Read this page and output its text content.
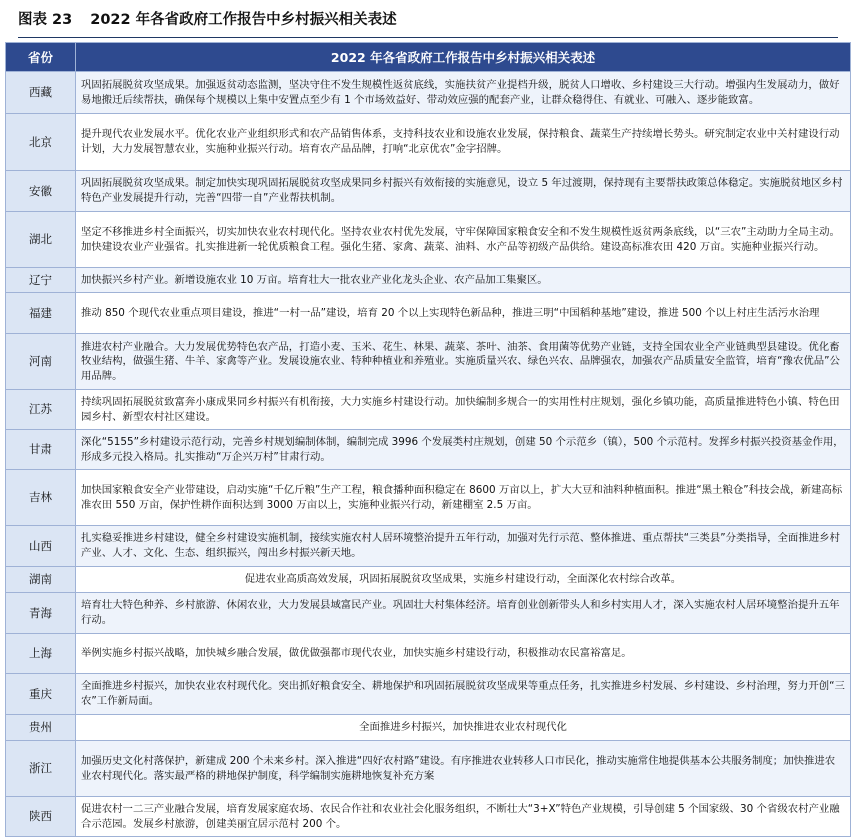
图表 23 2022 年各省政府工作报告中乡村振兴相关表述
省份	2022 年各省政府工作报告中乡村振兴相关表述
西藏	巩固拓展脱贫攻坚成果。加强返贫动态监测，坚决守住不发生规模性返贫底线，实施扶贫产业提档升级，脱贫人口增收、乡村建设三大行动。增强内生发展动力，做好易地搬迁后续帮扶，确保每个规模以上集中安置点至少有 1 个市场效益好、带动效应强的配套产业，让群众稳得住、有就业、可融入、逐步能致富。
北京	提升现代农业发展水平。优化农业产业组织形式和农产品销售体系，支持科技农业和设施农业发展，保持粮食、蔬菜生产持续增长势头。研究制定农业中关村建设行动计划，大力发展智慧农业，实施种业振兴行动。培育农产品品牌，打响“北京优农”金字招牌。
安徽	巩固拓展脱贫攻坚成果。制定加快实现巩固拓展脱贫攻坚成果同乡村振兴有效衔接的实施意见，设立 5 年过渡期，保持现有主要帮扶政策总体稳定。实施脱贫地区乡村特色产业发展提升行动，完善“四带一自”产业帮扶机制。
湖北	坚定不移推进乡村全面振兴，切实加快农业农村现代化。坚持农业农村优先发展，守牢保障国家粮食安全和不发生规模性返贫两条底线，以“三农”主动助力全局主动。加快建设农业产业强省。扎实推进新一轮优质粮食工程。强化生猪、家禽、蔬菜、油料、水产品等初级产品供给。建设高标准农田 420 万亩。实施种业振兴行动。
辽宁	加快振兴乡村产业。新增设施农业 10 万亩。培育壮大一批农业产业化龙头企业、农产品加工集聚区。
福建	推动 850 个现代农业重点项目建设，推进“一村一品”建设，培育 20 个以上实现特色新品种，推进三明“中国稻种基地”建设，推进 500 个以上村庄生活污水治理
河南	推进农村产业融合。大力发展优势特色农产品，打造小麦、玉米、花生、林果、蔬菜、茶叶、油茶、食用菌等优势产业链，支持全国农业全产业链典型县建设。优化畜牧业结构，做强生猪、牛羊、家禽等产业。发展设施农业、特种种植业和养殖业。实施质量兴农、绿色兴农、品牌强农，加强农产品质量安全监管，培育“豫农优品”公用品牌。
江苏	持续巩固拓展脱贫致富奔小康成果同乡村振兴有机衔接，大力实施乡村建设行动。加快编制多规合一的实用性村庄规划，强化乡镇功能，高质量推进特色小镇、特色田园乡村、新型农村社区建设。
甘肃	深化“5155”乡村建设示范行动，完善乡村规划编制体制，编制完成 3996 个发展类村庄规划，创建 50 个示范乡（镇），500 个示范村。发挥乡村振兴投资基金作用，形成多元投入格局。扎实推动“万企兴万村”甘肃行动。
吉林	加快国家粮食安全产业带建设，启动实施“千亿斤粮”生产工程，粮食播种面积稳定在 8600 万亩以上，扩大大豆和油料种植面积。推进“黑土粮仓”科技会战，新建高标准农田 550 万亩，保护性耕作面积达到 3000 万亩以上，实施种业振兴行动，新建棚室 2.5 万亩。
山西	扎实稳妥推进乡村建设，健全乡村建设实施机制，接续实施农村人居环境整治提升五年行动，加强对先行示范、整体推进、重点帮扶“三类县”分类指导，全面推进乡村产业、人才、文化、生态、组织振兴，闯出乡村振兴新天地。
湖南	促进农业高质高效发展，巩固拓展脱贫攻坚成果，实施乡村建设行动，全面深化农村综合改革。
青海	培育壮大特色种养、乡村旅游、休闲农业，大力发展县域富民产业。巩固壮大村集体经济。培育创业创新带头人和乡村实用人才，深入实施农村人居环境整治提升五年行动。
上海	举例实施乡村振兴战略，加快城乡融合发展，做优做强都市现代农业，加快实施乡村建设行动，积极推动农民富裕富足。
重庆	全面推进乡村振兴，加快农业农村现代化。突出抓好粮食安全、耕地保护和巩固拓展脱贫攻坚成果等重点任务，扎实推进乡村发展、乡村建设、乡村治理，努力开创“三农”工作新局面。
贵州	全面推进乡村振兴，加快推进农业农村现代化
浙江	加强历史文化村落保护，新建成 200 个未来乡村。深入推进“四好农村路”建设。有序推进农业转移人口市民化，推动实施常住地提供基本公共服务制度；加快推进农业农村现代化。落实最严格的耕地保护制度，科学编制实施耕地恢复补充方案
陕西	促进农村一二三产业融合发展，培育发展家庭农场、农民合作社和农业社会化服务组织，不断壮大“3+X”特色产业规模，引导创建 5 个国家级、30 个省级农村产业融合示范园。发展乡村旅游，创建美丽宜居示范村 200 个。
